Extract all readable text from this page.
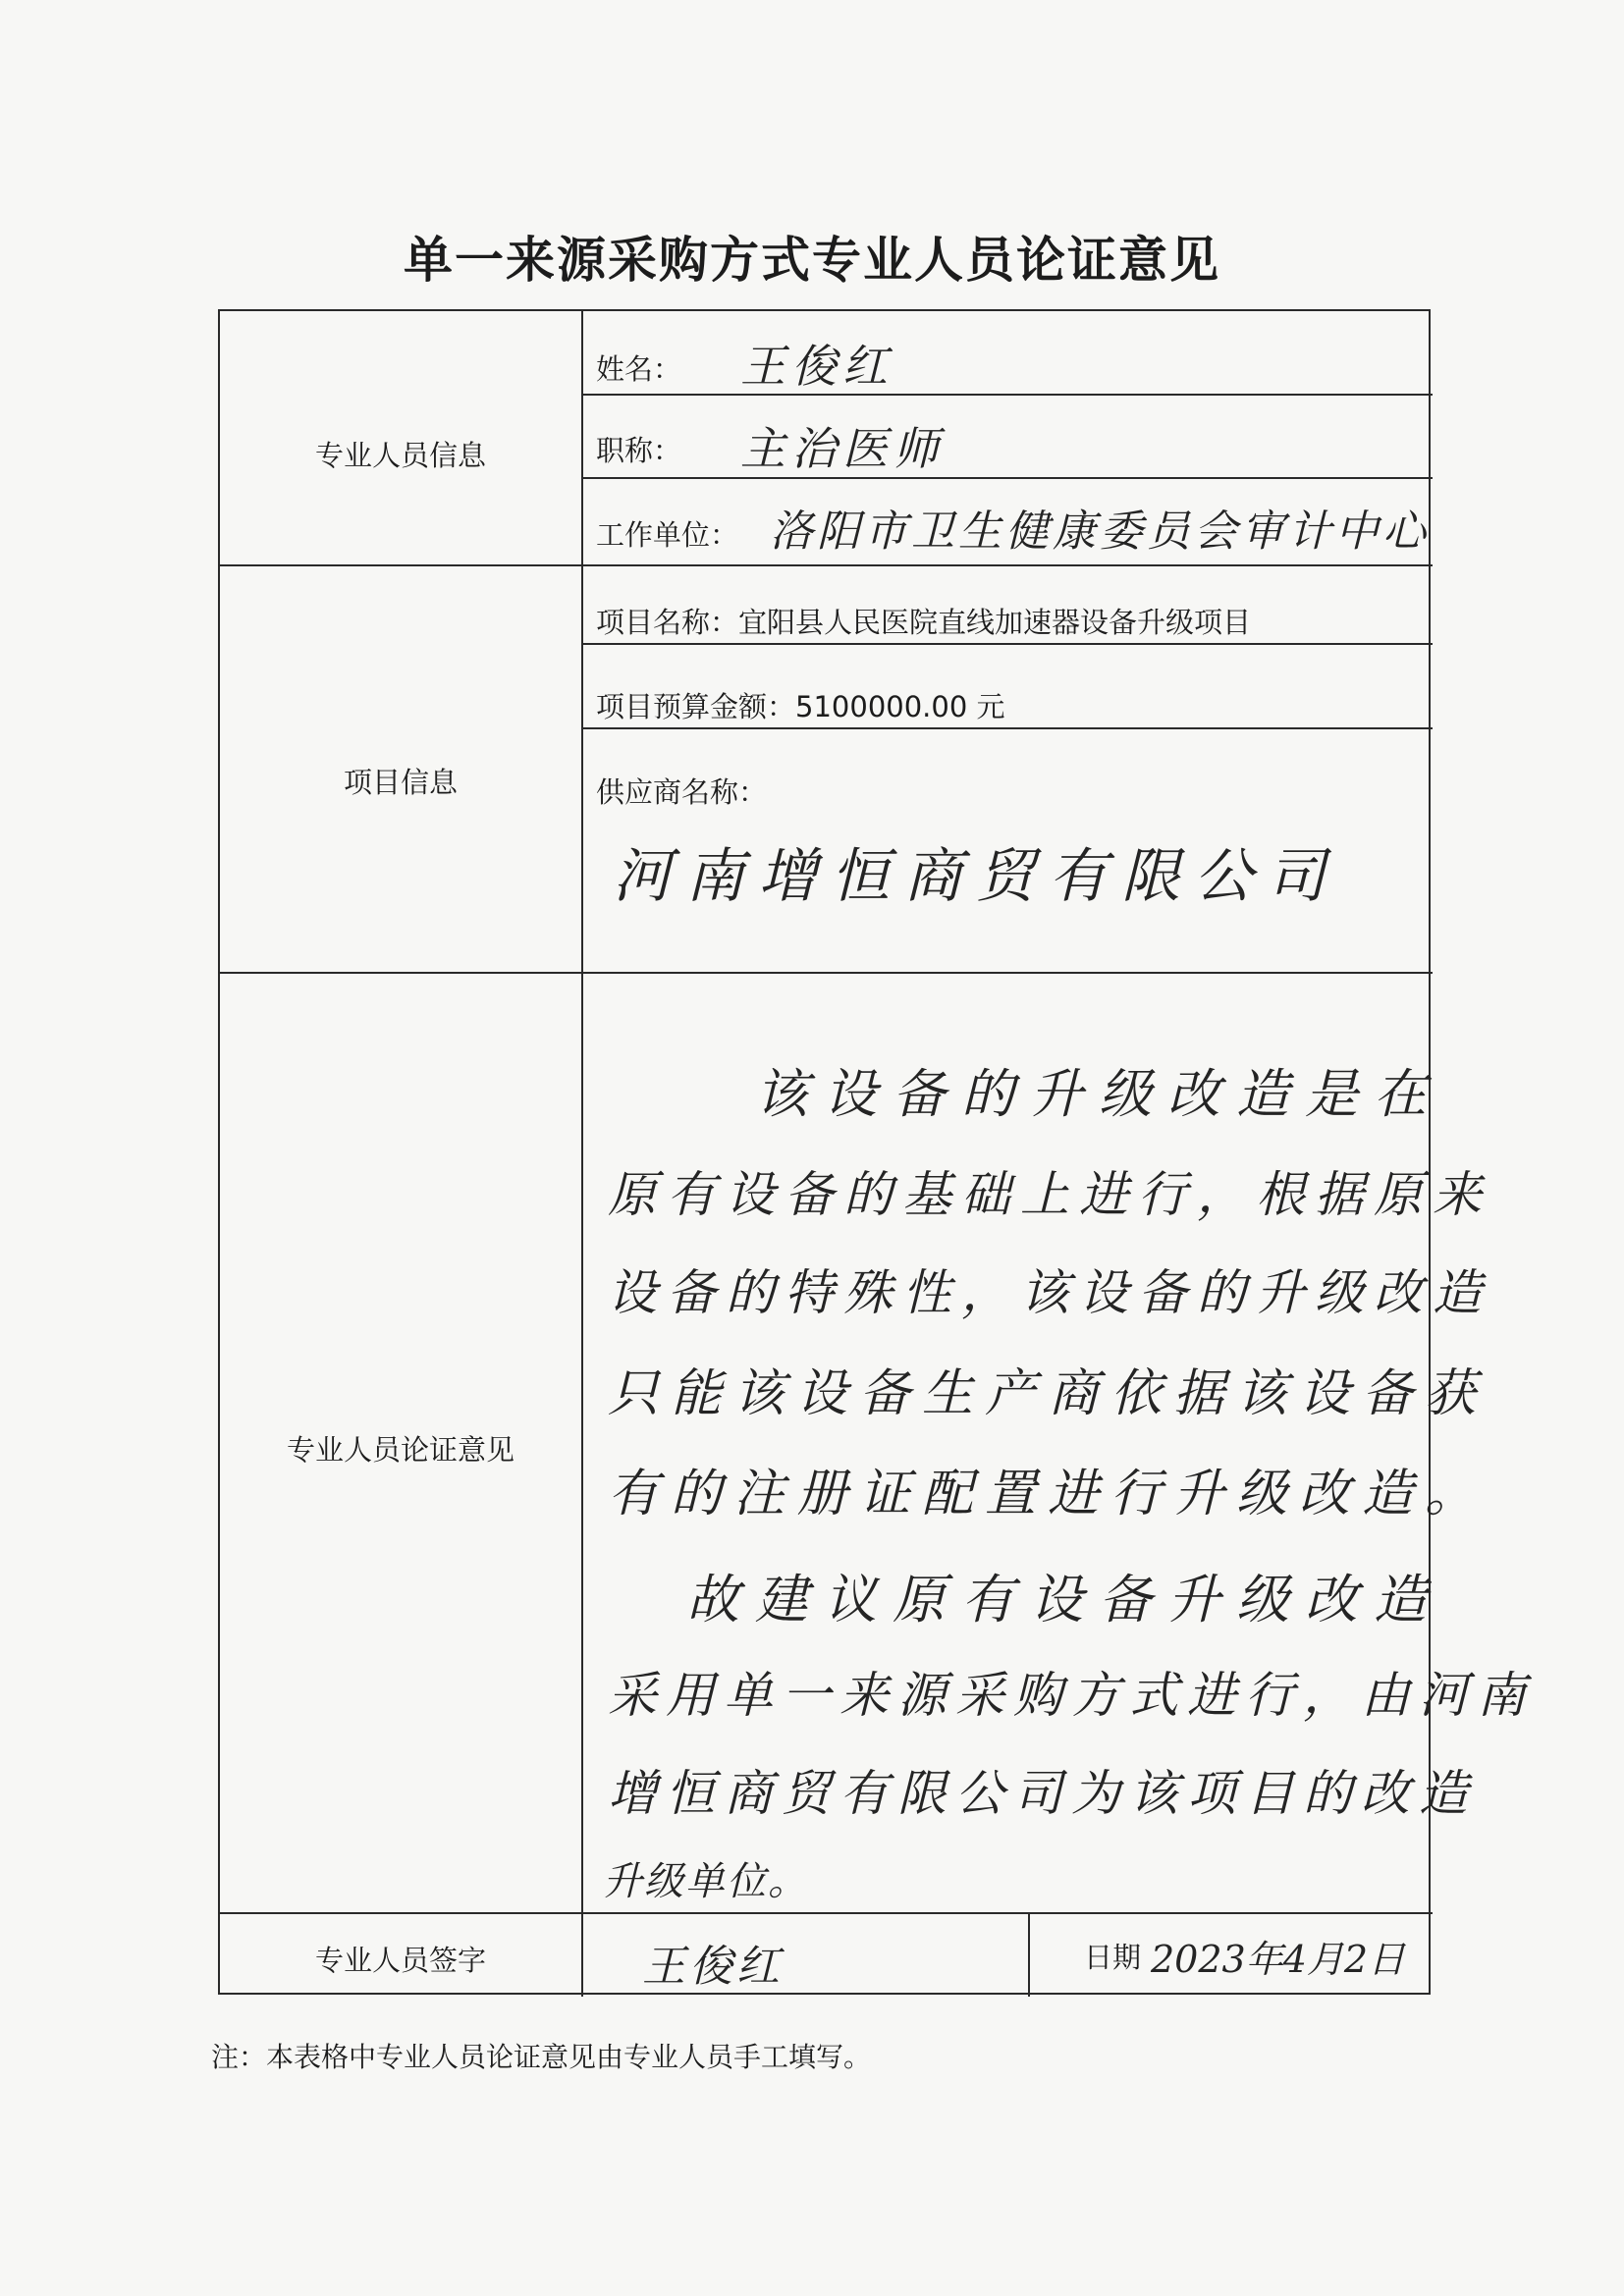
单一来源采购方式专业人员论证意见
专业人员信息
姓名： 王俊红
职称： 主治医师
工作单位： 洛阳市卫生健康委员会审计中心
项目信息
项目名称：宜阳县人民医院直线加速器设备升级项目
项目预算金额：5100000.00 元
供应商名称：
河南增恒商贸有限公司
专业人员论证意见
该设备的升级改造是在
原有设备的基础上进行，根据原来
设备的特殊性，该设备的升级改造
只能该设备生产商依据该设备获
有的注册证配置进行升级改造。
故建议原有设备升级改造
采用单一来源采购方式进行，由河南
增恒商贸有限公司为该项目的改造
升级单位。
专业人员签字	王俊红	日期 2023年4月2日
注：本表格中专业人员论证意见由专业人员手工填写。
